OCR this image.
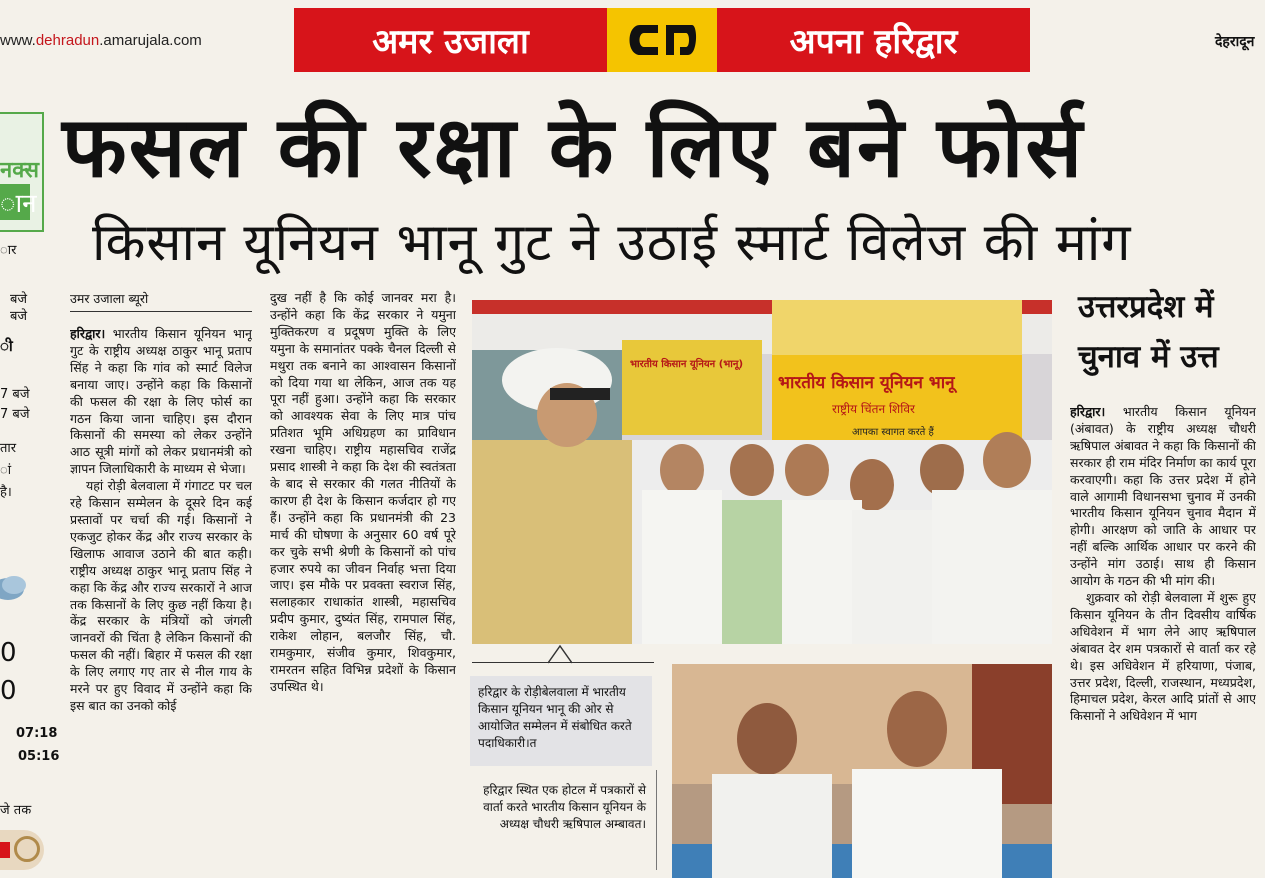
www.dehradun.amarujala.com	अमर उजाला	अपना हरिद्वार	देहरादून
नक्स
ान
ार
बजे
बजे
ी
7 बजे
7 बजे
तार
ां
है।
0
0
07:18
05:16
जे तक
फसल की रक्षा के लिए बने फोर्स
किसान यूनियन भानू गुट ने उठाई स्मार्ट विलेज की मांग
उमर उजाला ब्यूरो

हरिद्वार। भारतीय किसान यूनियन भानू गुट के राष्ट्रीय अध्यक्ष ठाकुर भानू प्रताप सिंह ने कहा कि गांव को स्मार्ट विलेज बनाया जाए। उन्होंने कहा कि किसानों की फसल की रक्षा के लिए फोर्स का गठन किया जाना चाहिए। इस दौरान किसानों की समस्या को लेकर उन्होंने आठ सूत्री मांगों को लेकर प्रधानमंत्री को ज्ञापन जिलाधिकारी के माध्यम से भेजा।

यहां रोड़ी बेलवाला में गंगाटट पर चल रहे किसान सम्मेलन के दूसरे दिन कई प्रस्तावों पर चर्चा की गई। किसानों ने एकजुट होकर केंद्र और राज्य सरकार के खिलाफ आवाज उठाने की बात कही। राष्ट्रीय अध्यक्ष ठाकुर भानू प्रताप सिंह ने कहा कि केंद्र और राज्य सरकारों ने आज तक किसानों के लिए कुछ नहीं किया है। केंद्र सरकार के मंत्रियों को जंगली जानवरों की चिंता है लेकिन किसानों की फसल की नहीं। बिहार में फसल की रक्षा के लिए लगाए गए तार से नील गाय के मरने पर हुए विवाद में उन्होंने कहा कि इस बात का उनको कोई

दुख नहीं है कि कोई जानवर मरा है। उन्होंने कहा कि केंद्र सरकार ने यमुना मुक्तिकरण व प्रदूषण मुक्ति के लिए यमुना के समानांतर पक्के चैनल दिल्ली से मथुरा तक बनाने का आश्वासन किसानों को दिया गया था लेकिन, आज तक यह पूरा नहीं हुआ। उन्होंने कहा कि सरकार को आवश्यक सेवा के लिए मात्र पांच प्रतिशत भूमि अधिग्रहण का प्राविधान रखना चाहिए। राष्ट्रीय महासचिव राजेंद्र प्रसाद शास्त्री ने कहा कि देश की स्वतंत्रता के बाद से सरकार की गलत नीतियों के कारण ही देश के किसान कर्जदार हो गए हैं। उन्होंने कहा कि प्रधानमंत्री की 23 मार्च की घोषणा के अनुसार 60 वर्ष पूरे कर चुके सभी श्रेणी के किसानों को पांच हजार रुपये का जीवन निर्वाह भत्ता दिया जाए। इस मौके पर प्रवक्ता स्वराज सिंह, सलाहकार राधाकांत शास्त्री, महासचिव प्रदीप कुमार, दुष्यंत सिंह, रामपाल सिंह, राकेश लोहान, बलजौर सिंह, चौ. रामकुमार, संजीव कुमार, शिवकुमार, रामरतन सहित विभिन्न प्रदेशों के किसान उपस्थित थे।

भारतीय किसान यूनियन (भानू)
भारतीय किसान यूनियन भानू
राष्ट्रीय चिंतन शिविर
आपका स्वागत करते हैं
हरिद्वार के रोड़ीबेलवाला में भारतीय किसान यूनियन भानू की ओर से आयोजित सम्मेलन में संबोधित करते पदाधिकारी।त
हरिद्वार स्थित एक होटल में पत्रकारों से वार्ता करते भारतीय किसान यूनियन के अध्यक्ष चौधरी ऋषिपाल अम्बावत।
उत्तरप्रदेश में
चुनाव में उत्त

हरिद्वार। भारतीय किसान यूनियन (अंबावत) के राष्ट्रीय अध्यक्ष चौधरी ऋषिपाल अंबावत ने कहा कि किसानों की सरकार ही राम मंदिर निर्माण का कार्य पूरा करवाएगी। कहा कि उत्तर प्रदेश में होने वाले आगामी विधानसभा चुनाव में उनकी भारतीय किसान यूनियन चुनाव मैदान में होगी। आरक्षण को जाति के आधार पर नहीं बल्कि आर्थिक आधार पर करने की उन्होंने मांग उठाई। साथ ही किसान आयोग के गठन की भी मांग की।

शुक्रवार को रोड़ी बेलवाला में शुरू हुए किसान यूनियन के तीन दिवसीय वार्षिक अधिवेशन में भाग लेने आए ऋषिपाल अंबावत देर शम पत्रकारों से वार्ता कर रहे थे। इस अधिवेशन में हरियाणा, पंजाब, उत्तर प्रदेश, दिल्ली, राजस्थान, मध्यप्रदेश, हिमाचल प्रदेश, केरल आदि प्रांतों से आए किसानों ने अधिवेशन में भाग
